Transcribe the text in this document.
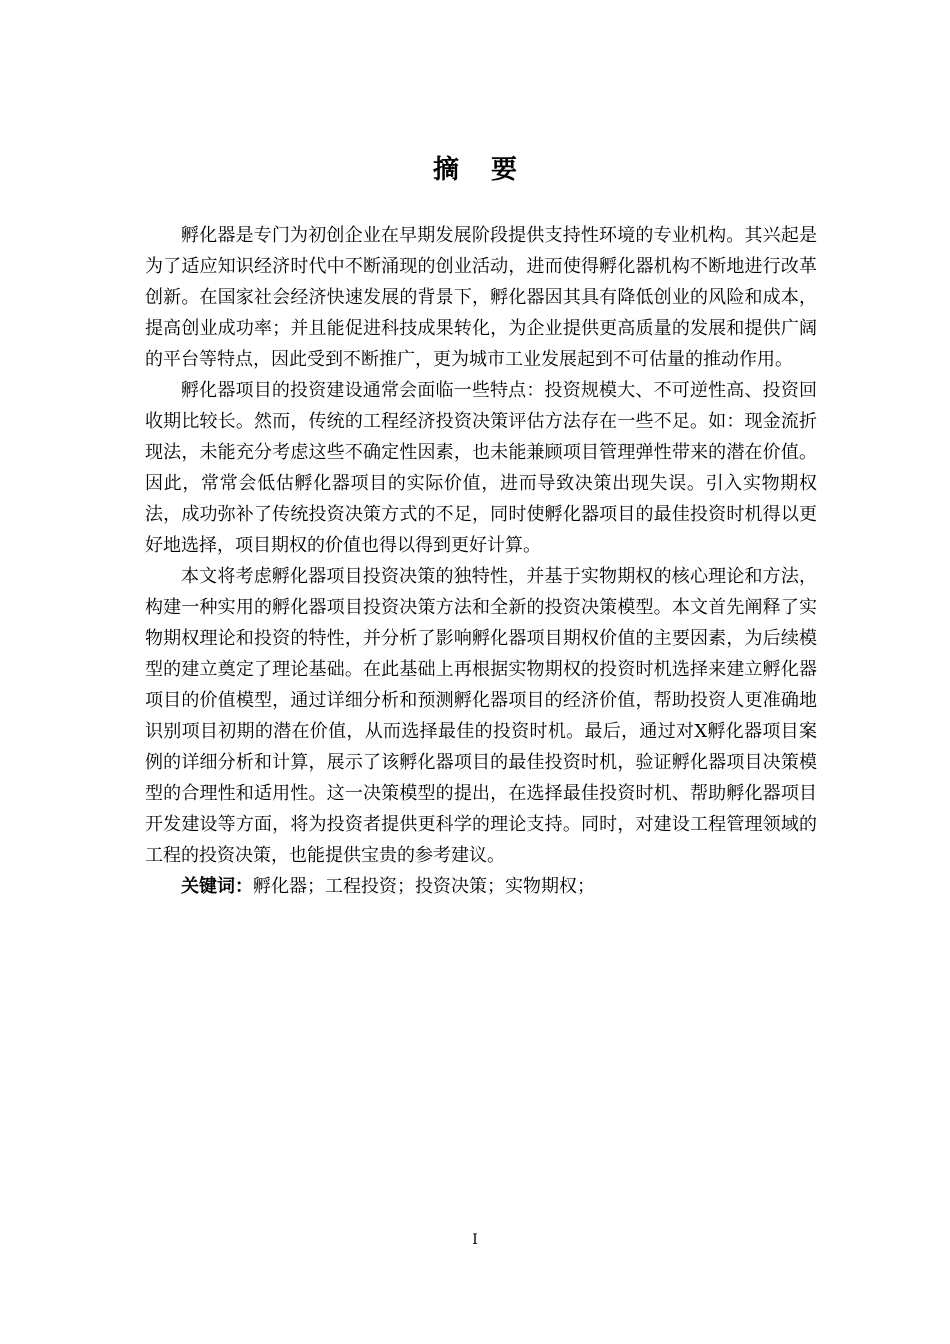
摘要

孵化器是专门为初创企业在早期发展阶段提供支持性环境的专业机构。其兴起是为了适应知识经济时代中不断涌现的创业活动，进而使得孵化器机构不断地进行改革创新。在国家社会经济快速发展的背景下，孵化器因其具有降低创业的风险和成本，提高创业成功率；并且能促进科技成果转化，为企业提供更高质量的发展和提供广阔的平台等特点，因此受到不断推广，更为城市工业发展起到不可估量的推动作用。

孵化器项目的投资建设通常会面临一些特点：投资规模大、不可逆性高、投资回收期比较长。然而，传统的工程经济投资决策评估方法存在一些不足。如：现金流折现法，未能充分考虑这些不确定性因素，也未能兼顾项目管理弹性带来的潜在价值。因此，常常会低估孵化器项目的实际价值，进而导致决策出现失误。引入实物期权法，成功弥补了传统投资决策方式的不足，同时使孵化器项目的最佳投资时机得以更好地选择，项目期权的价值也得以得到更好计算。

本文将考虑孵化器项目投资决策的独特性，并基于实物期权的核心理论和方法，构建一种实用的孵化器项目投资决策方法和全新的投资决策模型。本文首先阐释了实物期权理论和投资的特性，并分析了影响孵化器项目期权价值的主要因素，为后续模型的建立奠定了理论基础。在此基础上再根据实物期权的投资时机选择来建立孵化器项目的价值模型，通过详细分析和预测孵化器项目的经济价值，帮助投资人更准确地识别项目初期的潜在价值，从而选择最佳的投资时机。最后，通过对X孵化器项目案例的详细分析和计算，展示了该孵化器项目的最佳投资时机，验证孵化器项目决策模型的合理性和适用性。这一决策模型的提出，在选择最佳投资时机、帮助孵化器项目开发建设等方面，将为投资者提供更科学的理论支持。同时，对建设工程管理领域的工程的投资决策，也能提供宝贵的参考建议。

关键词：孵化器；工程投资；投资决策；实物期权；

I
